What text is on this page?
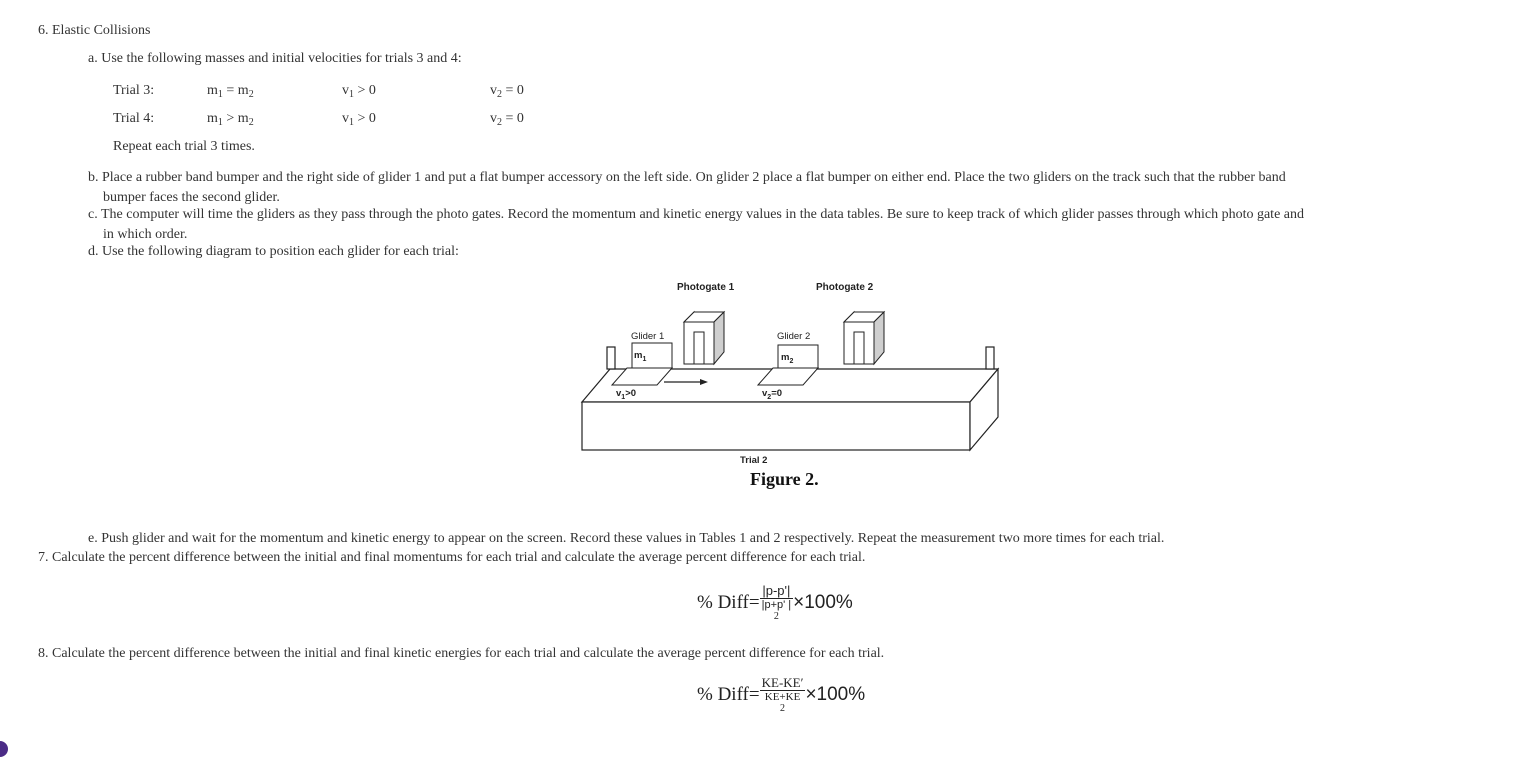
6. Elastic Collisions
a. Use the following masses and initial velocities for trials 3 and 4:
Trial 3:	$m_1 = m_2$	$v_1 > 0$	$v_2 = 0$
Trial 4:	$m_1 > m_2$	$v_1 > 0$	$v_2 = 0$
Repeat each trial 3 times.
b. Place a rubber band bumper and the right side of glider 1 and put a flat bumper accessory on the left side. On glider 2 place a flat bumper on either end. Place the two gliders on the track such that the rubber band
bumper faces the second glider.
c. The computer will time the gliders as they pass through the photo gates. Record the momentum and kinetic energy values in the data tables. Be sure to keep track of which glider passes through which photo gate and
in which order.
d. Use the following diagram to position each glider for each trial:
Photogate 1	Photogate 2
Glider 1	Glider 2
$m_1$	$m_2$
$v_1>0$	$v_2=0$
Trial 2
Figure 2.
e. Push glider and wait for the momentum and kinetic energy to appear on the screen. Record these values in Tables 1 and 2 respectively. Repeat the measurement two more times for each trial.
7. Calculate the percent difference between the initial and final momentums for each trial and calculate the average percent difference for each trial.
% Diff=
|p-p'|
|p+p' |
2
×100%
8. Calculate the percent difference between the initial and final kinetic energies for each trial and calculate the average percent difference for each trial.
% Diff=
KE-KE′
KE+KE
2
×100%
